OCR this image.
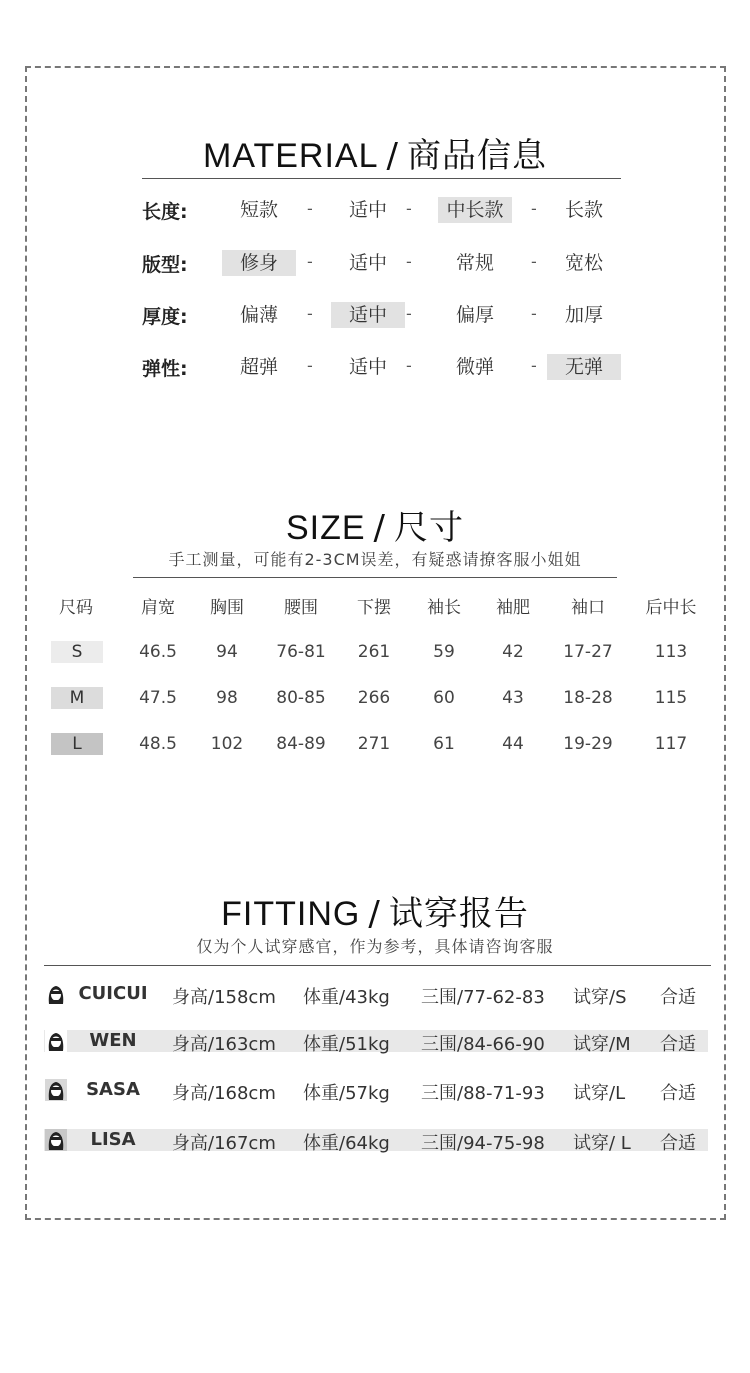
MATERIAL / 商品信息
长度:	短款	适中	中长款	长款
-	-	-
版型:	修身	适中	常规	宽松
-	-	-
厚度:	偏薄	适中	偏厚	加厚
-	-	-
弹性:	超弹	适中	微弹	无弹
-	-	-
SIZE / 尺寸
手工测量，可能有2-3CM误差，有疑惑请撩客服小姐姐
尺码	肩宽	胸围	腰围	下摆	袖长	袖肥	袖口	后中长
S	46.5	94	76-81	261	59	42	17-27	113
M	47.5	98	80-85	266	60	43	18-28	115
L	48.5	102	84-89	271	61	44	19-29	117
FITTING / 试穿报告
仅为个人试穿感官，作为参考，具体请咨询客服
CUICUI	身高/158cm 体重/43kg 三围/77-62-83 试穿/S 合适
WEN	身高/163cm 体重/51kg 三围/84-66-90 试穿/M 合适
SASA	身高/168cm 体重/57kg 三围/88-71-93 试穿/L 合适
LISA	身高/167cm 体重/64kg 三围/94-75-98 试穿/ L 合适
